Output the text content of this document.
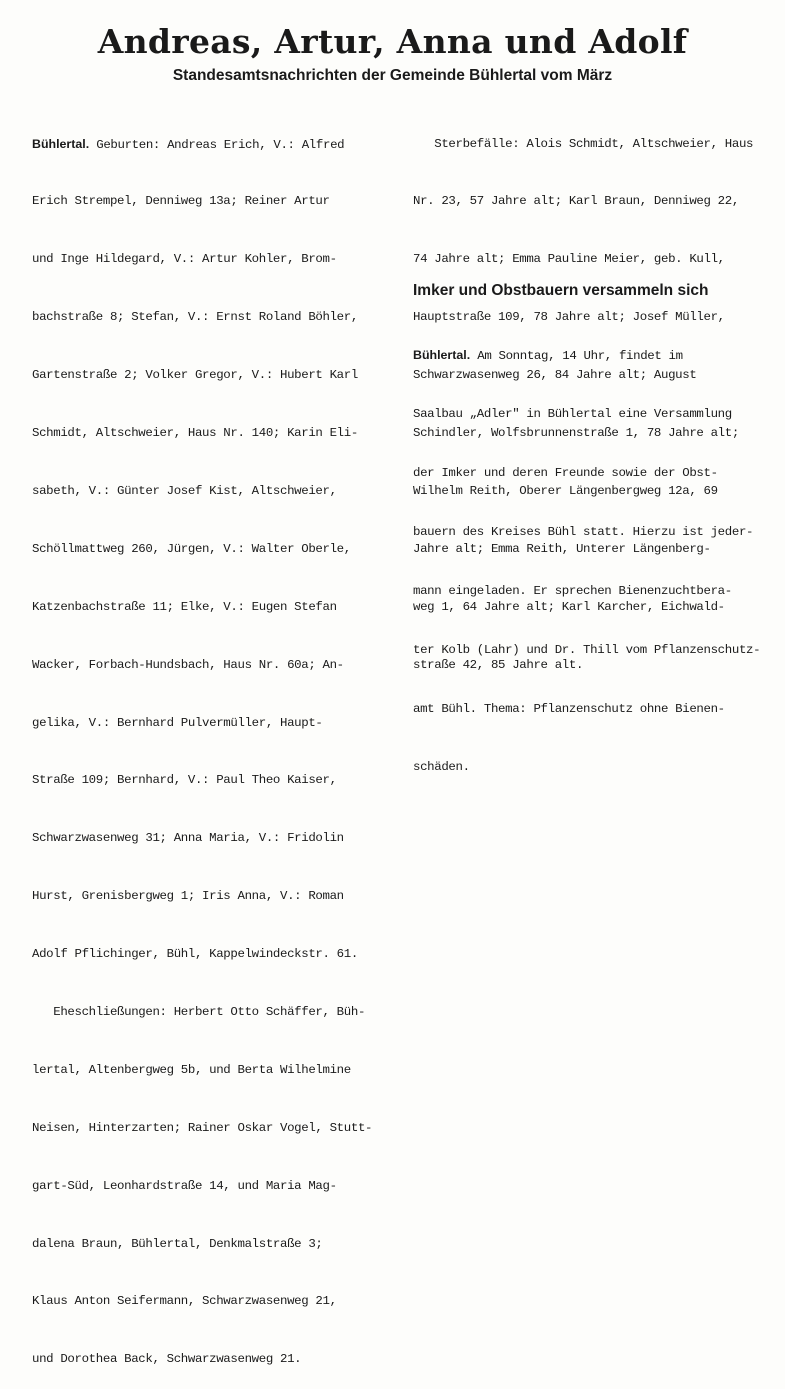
Andreas, Artur, Anna und Adolf
Standesamtsnachrichten der Gemeinde Bühlertal vom März

Bühlertal. Geburten: Andreas Erich, V.: Alfred

Erich Strempel, Denniweg 13a; Reiner Artur

und Inge Hildegard, V.: Artur Kohler, Brom-

bachstraße 8; Stefan, V.: Ernst Roland Böhler,

Gartenstraße 2; Volker Gregor, V.: Hubert Karl

Schmidt, Altschweier, Haus Nr. 140; Karin Eli-

sabeth, V.: Günter Josef Kist, Altschweier,

Schöllmattweg 260, Jürgen, V.: Walter Oberle,

Katzenbachstraße 11; Elke, V.: Eugen Stefan

Wacker, Forbach-Hundsbach, Haus Nr. 60a; An-

gelika, V.: Bernhard Pulvermüller, Haupt-

Straße 109; Bernhard, V.: Paul Theo Kaiser,

Schwarzwasenweg 31; Anna Maria, V.: Fridolin

Hurst, Grenisbergweg 1; Iris Anna, V.: Roman

Adolf Pflichinger, Bühl, Kappelwindeckstr. 61.

Eheschließungen: Herbert Otto Schäffer, Büh-

lertal, Altenbergweg 5b, und Berta Wilhelmine

Neisen, Hinterzarten; Rainer Oskar Vogel, Stutt-

gart-Süd, Leonhardstraße 14, und Maria Mag-

dalena Braun, Bühlertal, Denkmalstraße 3;

Klaus Anton Seifermann, Schwarzwasenweg 21,

und Dorothea Back, Schwarzwasenweg 21.

Sterbefälle: Alois Schmidt, Altschweier, Haus

Nr. 23, 57 Jahre alt; Karl Braun, Denniweg 22,

74 Jahre alt; Emma Pauline Meier, geb. Kull,

Hauptstraße 109, 78 Jahre alt; Josef Müller,

Schwarzwasenweg 26, 84 Jahre alt; August

Schindler, Wolfsbrunnenstraße 1, 78 Jahre alt;

Wilhelm Reith, Oberer Längenbergweg 12a, 69

Jahre alt; Emma Reith, Unterer Längenberg-

weg 1, 64 Jahre alt; Karl Karcher, Eichwald-

straße 42, 85 Jahre alt.

Imker und Obstbauern versammeln sich

Bühlertal. Am Sonntag, 14 Uhr, findet im

Saalbau „Adler" in Bühlertal eine Versammlung

der Imker und deren Freunde sowie der Obst-

bauern des Kreises Bühl statt. Hierzu ist jeder-

mann eingeladen. Er sprechen Bienenzuchtbera-

ter Kolb (Lahr) und Dr. Thill vom Pflanzenschutz-

amt Bühl. Thema: Pflanzenschutz ohne Bienen-

schäden.
